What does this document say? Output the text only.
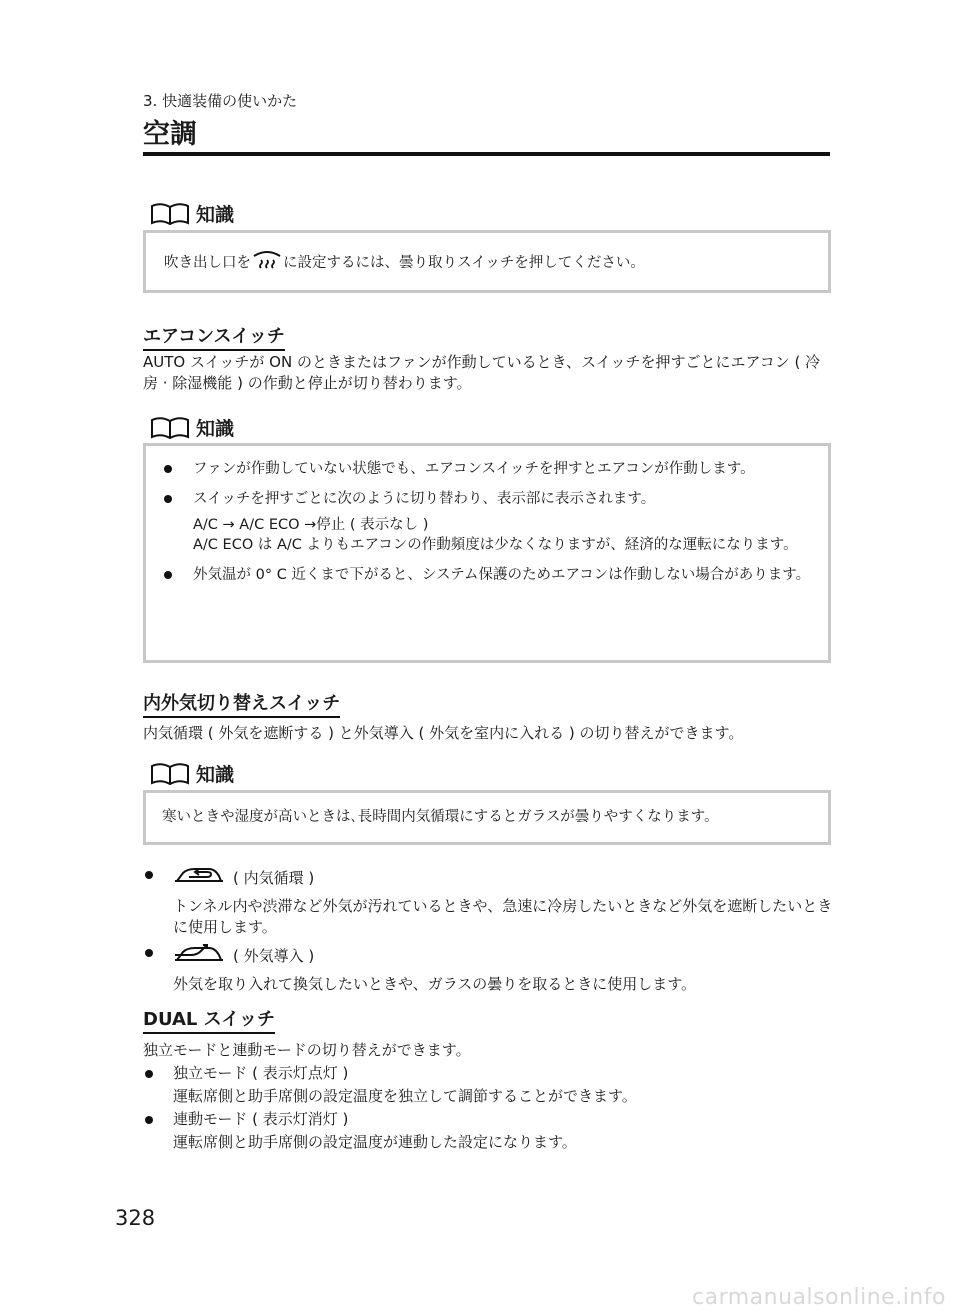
3. 快適装備の使いかた
空調
知識
吹き出し口を に設定するには、曇り取りスイッチを押してください。
エアコンスイッチ
AUTO スイッチが ON のときまたはファンが作動しているとき、スイッチを押すごとにエアコン ( 冷房 · 除湿機能 ) の作動と停止が切り替わります。
知識
ファンが作動していない状態でも、エアコンスイッチを押すとエアコンが作動します。
スイッチを押すごとに次のように切り替わり、表示部に表示されます。
A/C → A/C ECO →停止 ( 表示なし )
A/C ECO は A/C よりもエアコンの作動頻度は少なくなりますが、経済的な運転になります。
外気温が 0° C 近くまで下がると、システム保護のためエアコンは作動しない場合があります。
内外気切り替えスイッチ
内気循環 ( 外気を遮断する ) と外気導入 ( 外気を室内に入れる ) の切り替えができます。
知識
寒いときや湿度が高いときは､長時間内気循環にするとガラスが曇りやすくなります。
( 内気循環 )
トンネル内や渋滞など外気が汚れているときや、急速に冷房したいときなど外気を遮断したいときに使用します。
( 外気導入 )
外気を取り入れて換気したいときや、ガラスの曇りを取るときに使用します。
DUAL スイッチ
独立モードと連動モードの切り替えができます。
独立モード ( 表示灯点灯 )
運転席側と助手席側の設定温度を独立して調節することができます。
連動モード ( 表示灯消灯 )
運転席側と助手席側の設定温度が連動した設定になります。
328
carmanualsonline.info
